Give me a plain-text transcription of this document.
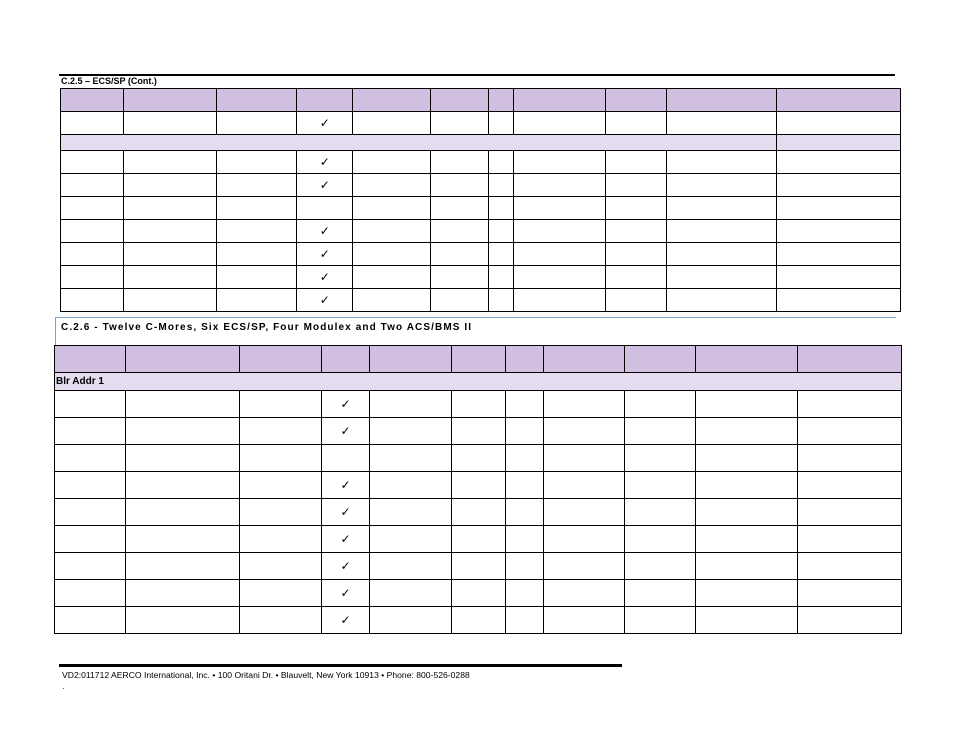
C.2.5 – ECS/SP (Cont.)

			✓							

			✓							
			✓							

			✓							
			✓							
			✓							
			✓							
C.2.6 - Twelve C-Mores, Six ECS/SP, Four Modulex and Two ACS/BMS II

Blr Addr 1										
			✓							
			✓							

			✓							
			✓							
			✓							
			✓							
			✓							
			✓							
VD2:011712 AERCO International, Inc. • 100 Oritani Dr. • Blauvelt, New York 10913 • Phone: 800-526-0288
·
